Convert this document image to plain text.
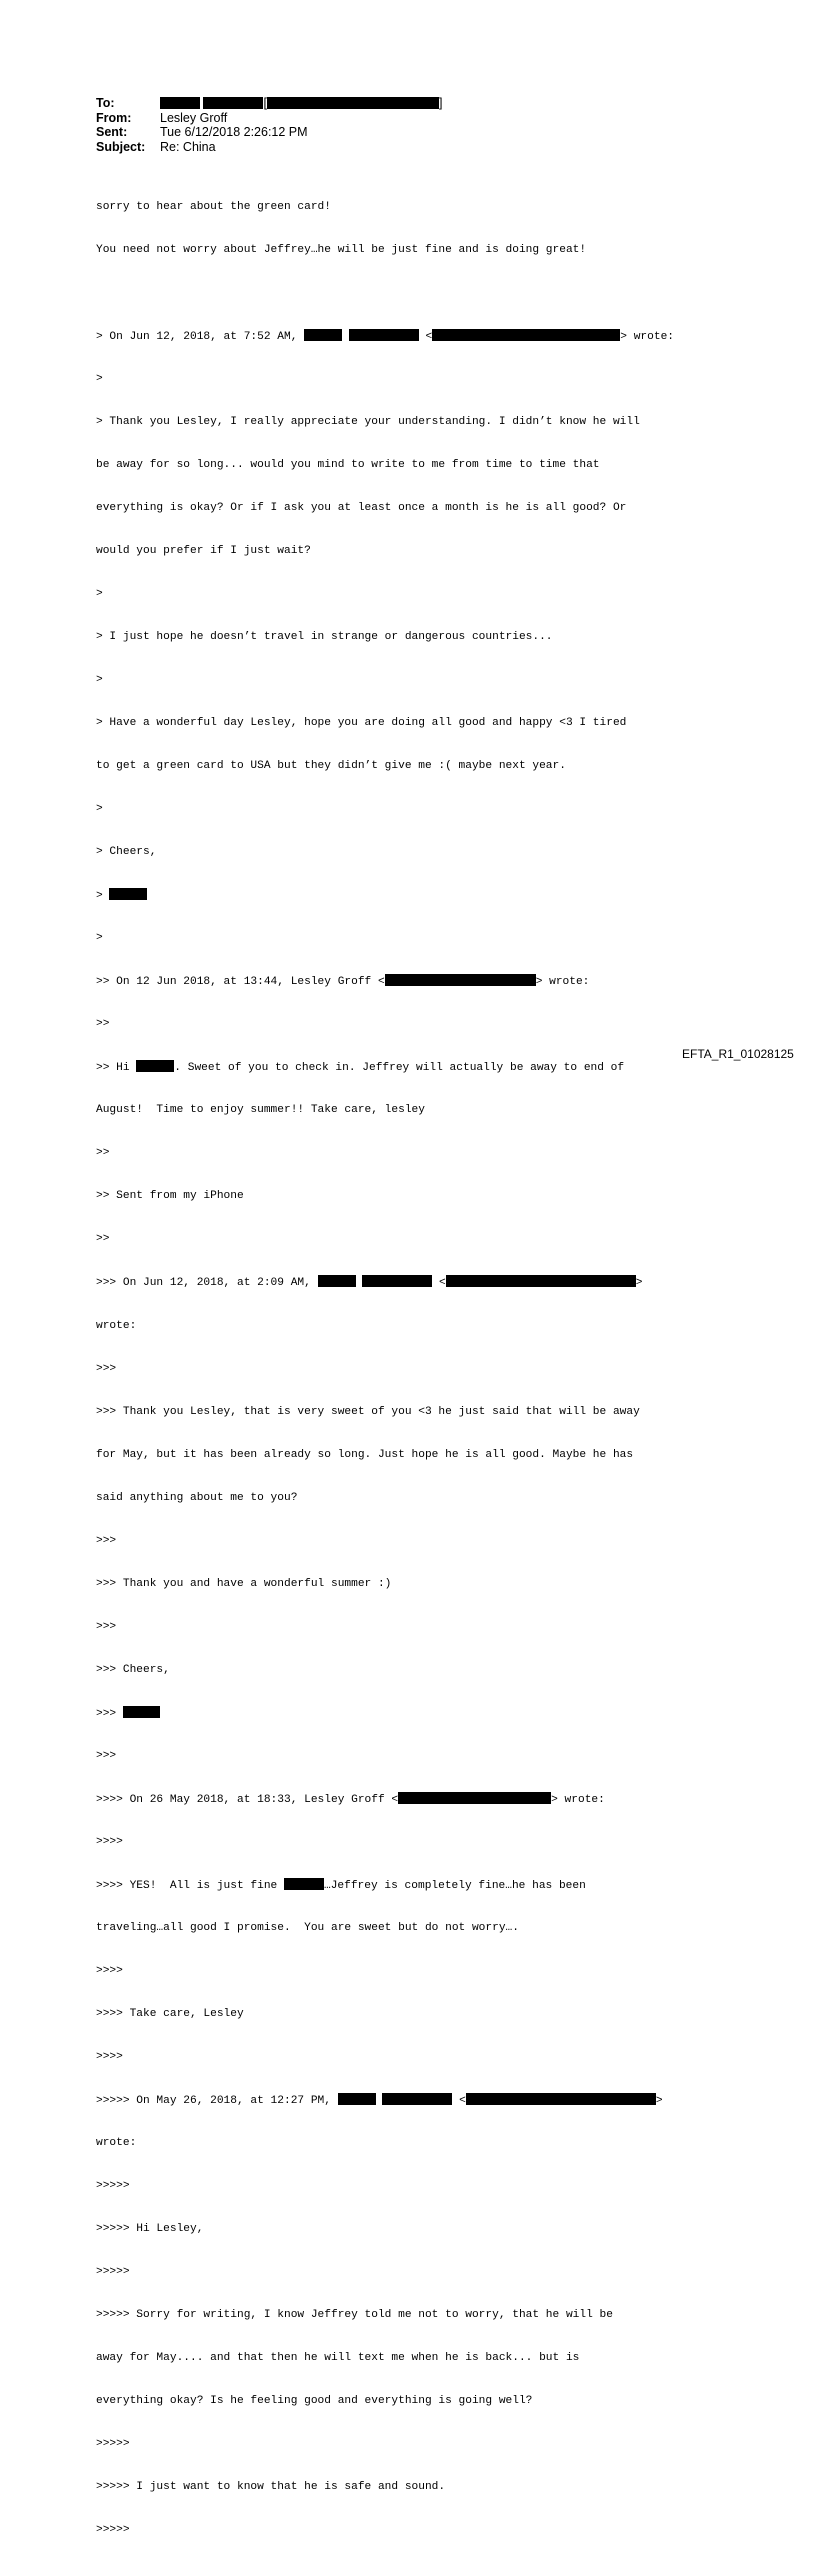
To:	[	]
From: Lesley Groff
Sent:	Tue 6/12/2018 2:26:12 PM
Subject: Re: China

sorry to hear about the green card!

You need not worry about Jeffrey…he will be just fine and is doing great!

> On Jun 12, 2018, at 7:52 AM,	<	> wrote:

>

> Thank you Lesley, I really appreciate your understanding. I didn’t know he will

be away for so long... would you mind to write to me from time to time that

everything is okay? Or if I ask you at least once a month is he is all good? Or

would you prefer if I just wait?

>

> I just hope he doesn’t travel in strange or dangerous countries...

>

> Have a wonderful day Lesley, hope you are doing all good and happy <3 I tired

to get a green card to USA but they didn’t give me :( maybe next year.

>

> Cheers,

>

>

>> On 12 Jun 2018, at 13:44, Lesley Groff <	> wrote:

>>

>> Hi	. Sweet of you to check in. Jeffrey will actually be away to end of

August!  Time to enjoy summer!! Take care, lesley

>>

>> Sent from my iPhone

>>

>>> On Jun 12, 2018, at 2:09 AM,	<	>

wrote:

>>>

>>> Thank you Lesley, that is very sweet of you <3 he just said that will be away

for May, but it has been already so long. Just hope he is all good. Maybe he has

said anything about me to you?

>>>

>>> Thank you and have a wonderful summer :)

>>>

>>> Cheers,

>>>

>>>

>>>> On 26 May 2018, at 18:33, Lesley Groff <	> wrote:

>>>>

>>>> YES!  All is just fine	…Jeffrey is completely fine…he has been

traveling…all good I promise.  You are sweet but do not worry….

>>>>

>>>> Take care, Lesley

>>>>

>>>>> On May 26, 2018, at 12:27 PM,	<	>

wrote:

>>>>>

>>>>> Hi Lesley,

>>>>>

>>>>> Sorry for writing, I know Jeffrey told me not to worry, that he will be

away for May.... and that then he will text me when he is back... but is

everything okay? Is he feeling good and everything is going well?

>>>>>

>>>>> I just want to know that he is safe and sound.

>>>>>

EFTA_R1_01028125
